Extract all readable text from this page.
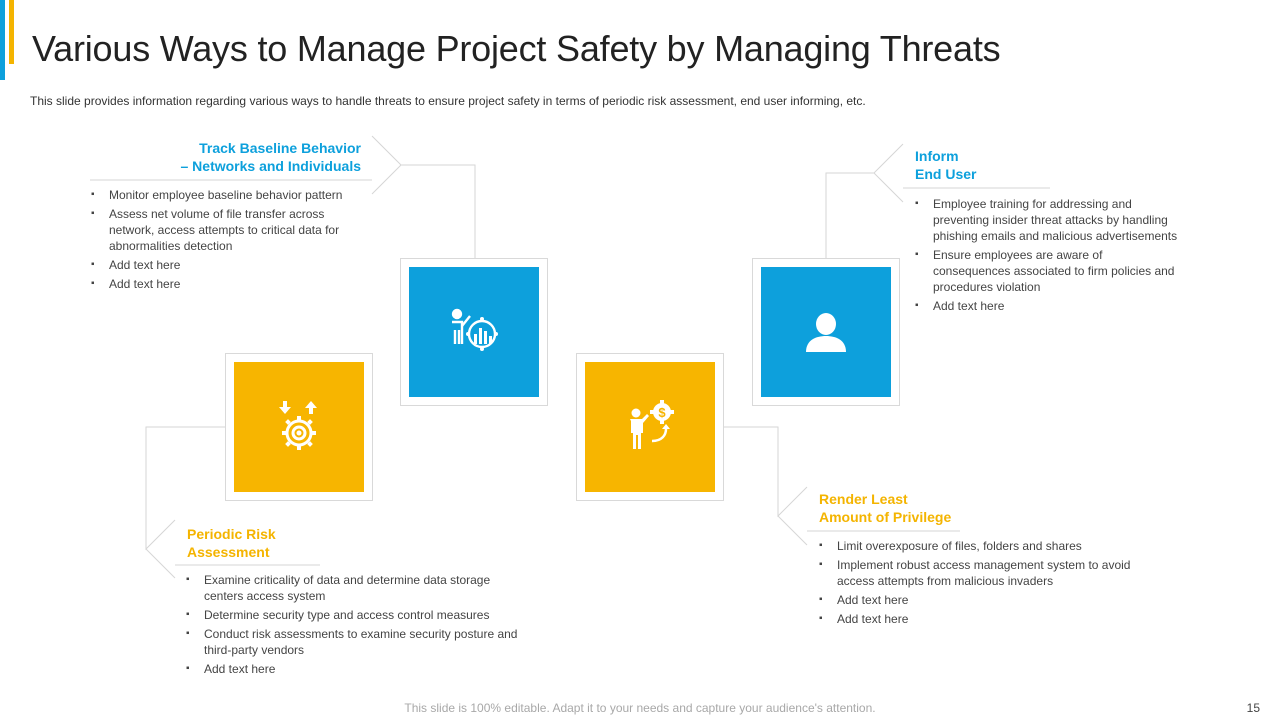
Various Ways to Manage Project Safety by Managing Threats

This slide provides information regarding various ways to handle threats to ensure project safety in terms of periodic risk assessment, end user informing, etc.

$
Track Baseline Behavior
– Networks and Individuals
▪ Monitor employee baseline behavior pattern
▪ Assess net volume of file transfer across network, access attempts to critical data for abnormalities detection
▪ Add text here
▪ Add text here
Inform
End User
▪ Employee training for addressing and preventing insider threat attacks by handling phishing emails and malicious advertisements
▪ Ensure employees are aware of consequences associated to firm policies and procedures violation
▪ Add text here
Periodic Risk
Assessment
▪ Examine criticality of data and determine data storage centers access system
▪ Determine security type and access control measures
▪ Conduct risk assessments to examine security posture and third-party vendors
▪ Add text here
Render Least
Amount of Privilege
▪ Limit overexposure of files, folders and shares
▪ Implement robust access management system to avoid access attempts from malicious invaders
▪ Add text here
▪ Add text here
This slide is 100% editable. Adapt it to your needs and capture your audience's attention.	15
